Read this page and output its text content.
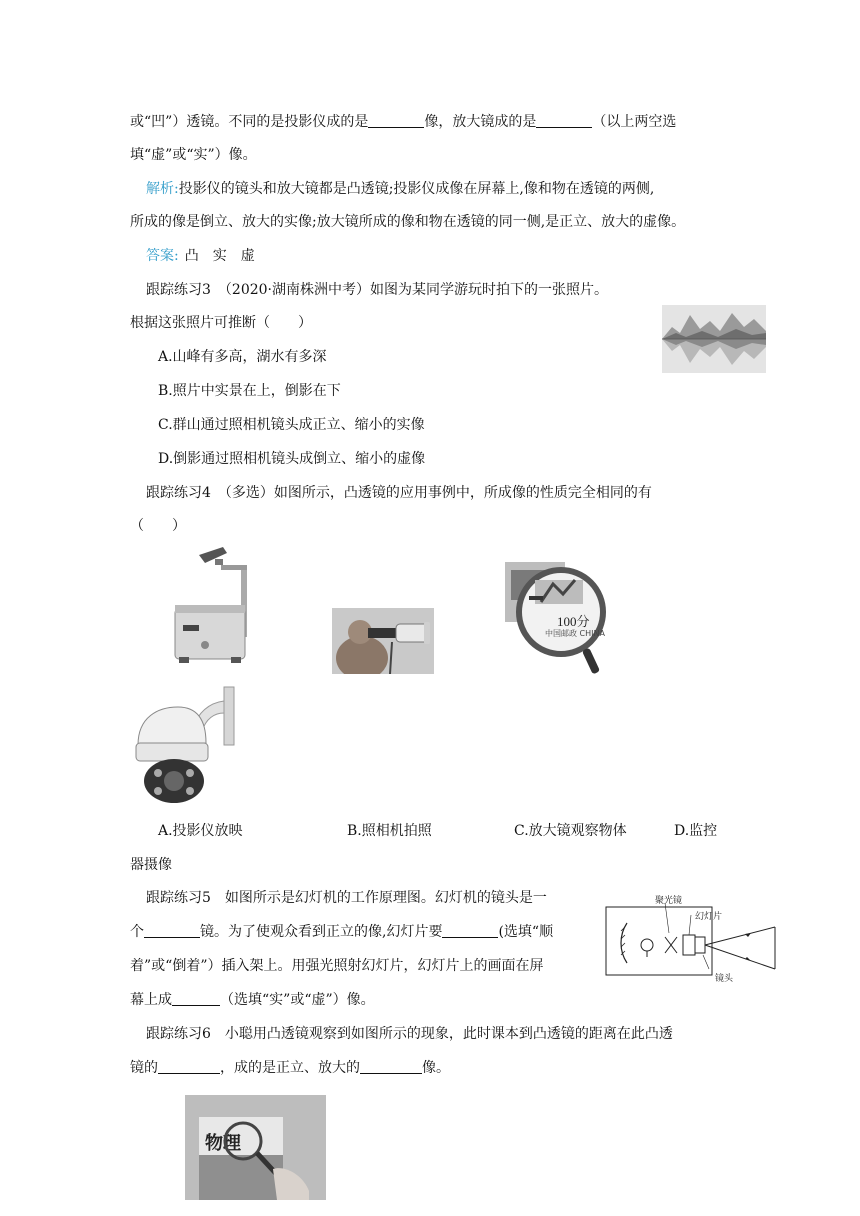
或“凹”）透镜。不同的是投影仪成的是	像，放大镜成的是	（以上两空选
填“虚”或“实”）像。
解析:投影仪的镜头和放大镜都是凸透镜;投影仪成像在屏幕上,像和物在透镜的两侧,
所成的像是倒立、放大的实像;放大镜所成的像和物在透镜的同一侧,是正立、放大的虚像。
答案: 凸　实　虚
跟踪练习3　（2020·湖南株洲中考）如图为某同学游玩时拍下的一张照片。
根据这张照片可推断（　　）
A.山峰有多高，湖水有多深
B.照片中实景在上，倒影在下
C.群山通过照相机镜头成正立、缩小的实像
D.倒影通过照相机镜头成倒立、缩小的虚像
跟踪练习4　（多选）如图所示，凸透镜的应用事例中，所成像的性质完全相同的有
（　　）
100分
中国邮政 CHINA
A.投影仪放映	B.照相机拍照	C.放大镜观察物体	D.监控
器摄像
跟踪练习5　如图所示是幻灯机的工作原理图。幻灯机的镜头是一
个	镜。为了使观众看到正立的像,幻灯片要	(选填“顺
着”或“倒着”）插入架上。用强光照射幻灯片，幻灯片上的画面在屏
幕上成	（选填“实”或“虚”）像。
聚光镜
幻灯片
镜头
跟踪练习6　小聪用凸透镜观察到如图所示的现象，此时课本到凸透镜的距离在此凸透
镜的	，成的是正立、放大的	像。
物理
